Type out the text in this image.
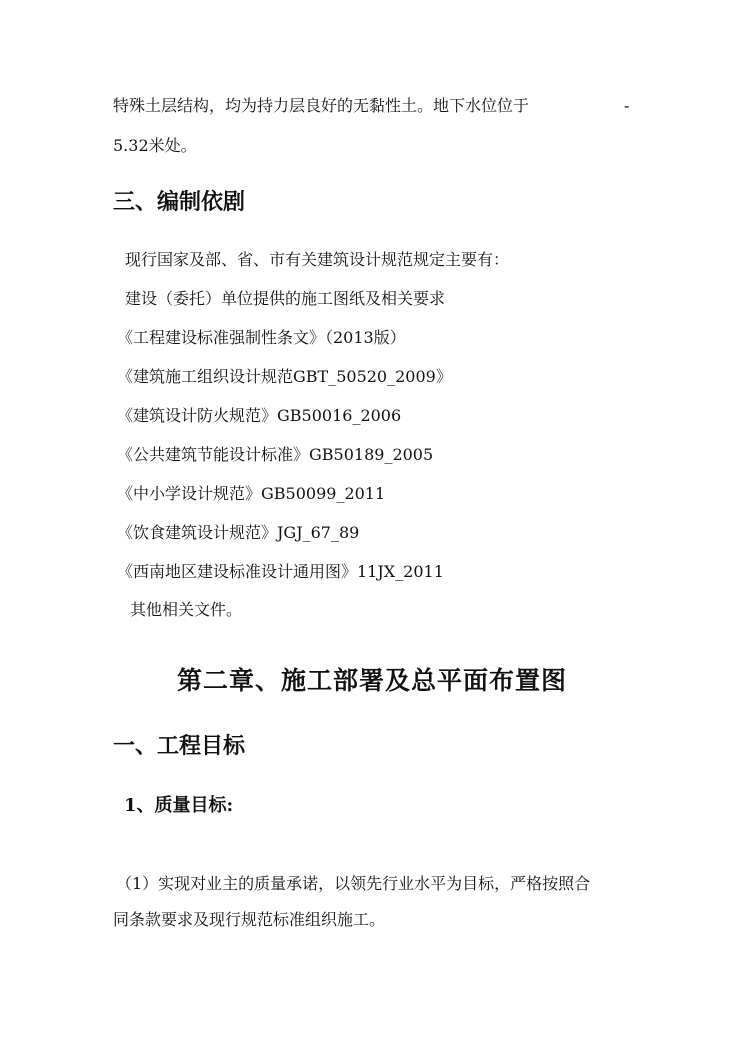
特殊土层结构，均为持力层良好的无黏性土。地下水位位于	-
5.32米处。
三、编制依剧
现行国家及部、省、市有关建筑设计规范规定主要有：
建设（委托）单位提供的施工图纸及相关要求
《工程建设标准强制性条文》（2013版）
《建筑施工组织设计规范GBT_50520_2009》
《建筑设计防火规范》GB50016_2006
《公共建筑节能设计标准》GB50189_2005
《中小学设计规范》GB50099_2011
《饮食建筑设计规范》JGJ_67_89
《西南地区建设标准设计通用图》11JX_2011
其他相关文件。
第二章、施工部署及总平面布置图
一、工程目标
1、质量目标:
（1）实现对业主的质量承诺，以领先行业水平为目标，严格按照合
同条款要求及现行规范标准组织施工。
